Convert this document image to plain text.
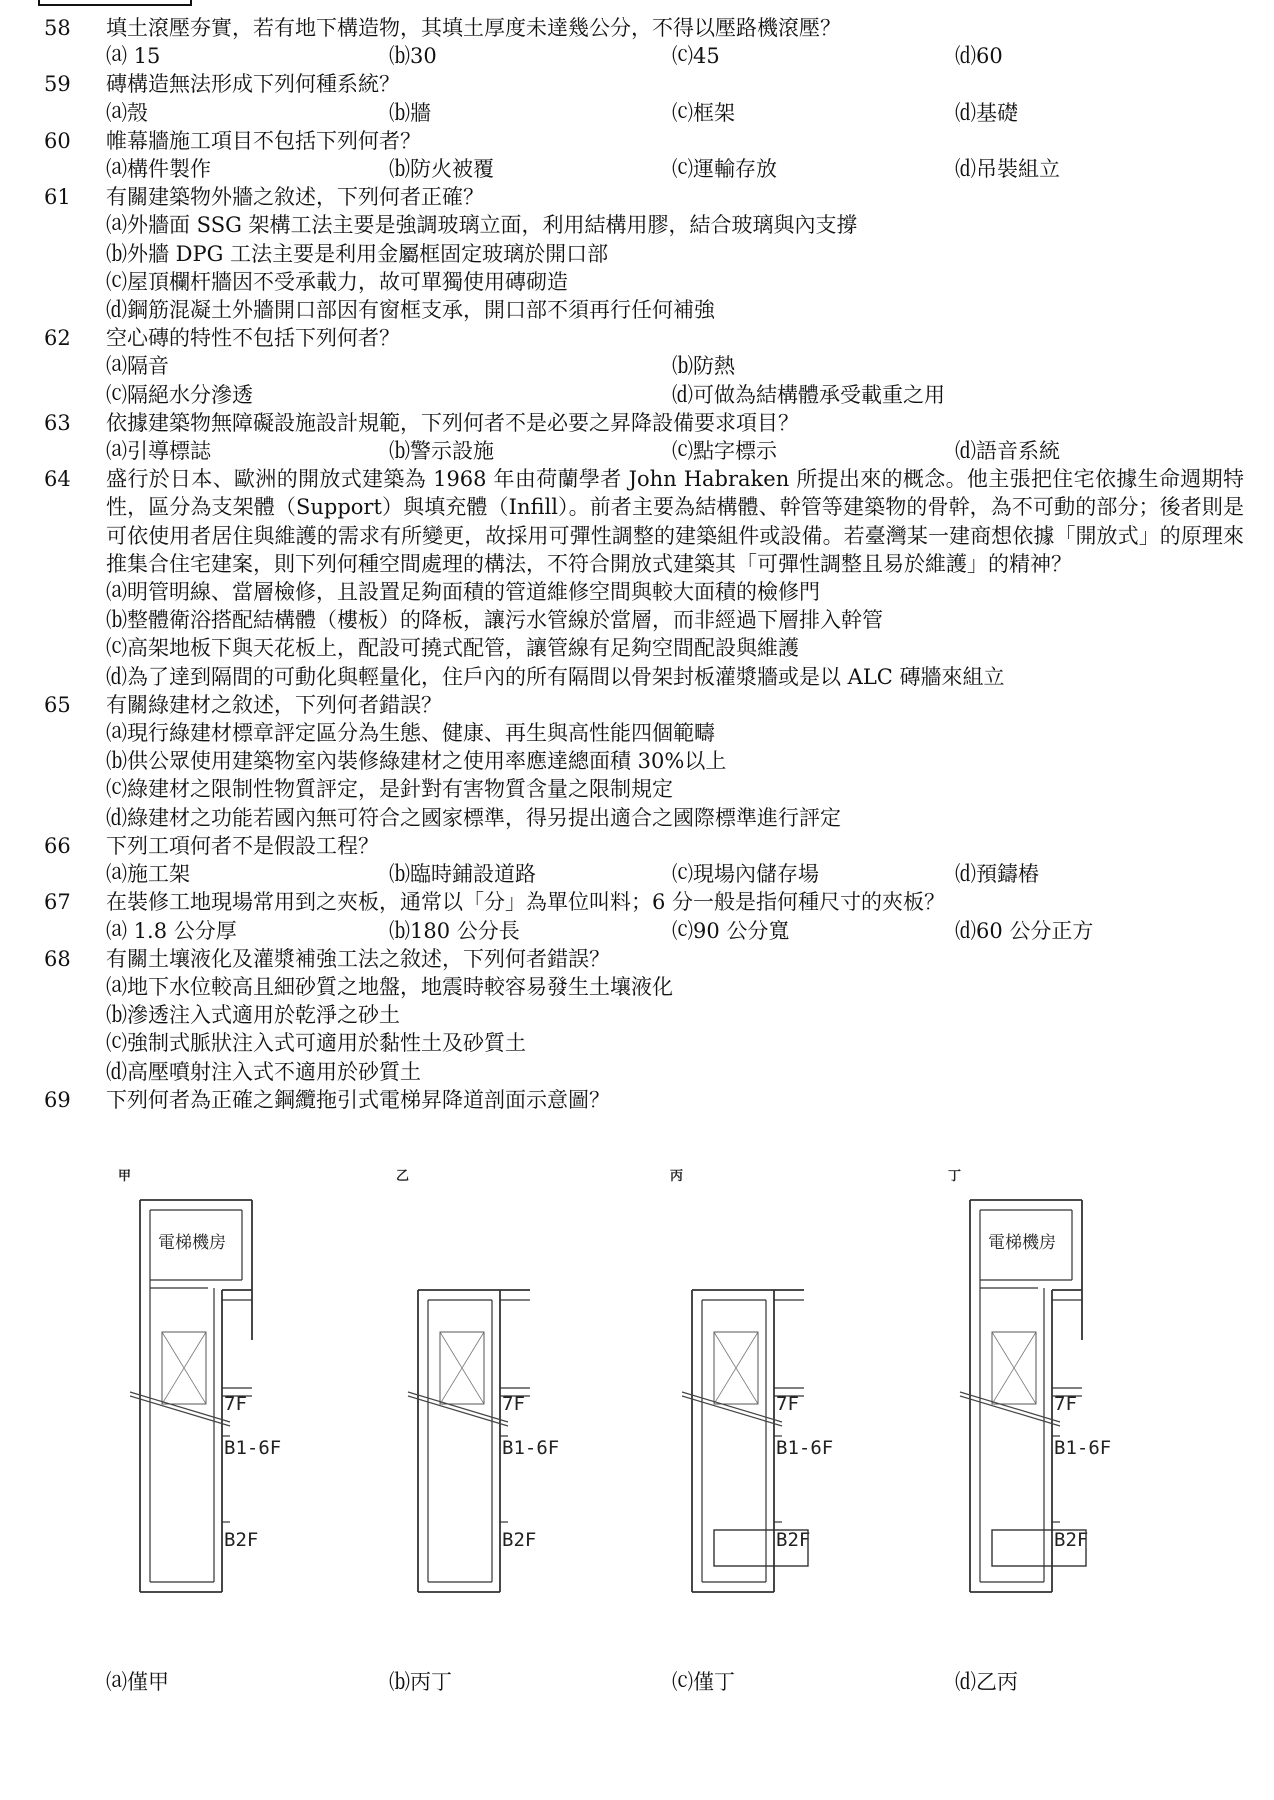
58	填土滾壓夯實，若有地下構造物，其填土厚度未達幾公分，不得以壓路機滾壓？
⒜ 15	⒝30	⒞45	⒟60
59	磚構造無法形成下列何種系統？
⒜殼	⒝牆	⒞框架	⒟基礎
60	帷幕牆施工項目不包括下列何者？
⒜構件製作	⒝防火被覆	⒞運輸存放	⒟吊裝組立
61	有關建築物外牆之敘述，下列何者正確？
⒜外牆面 SSG 架構工法主要是強調玻璃立面，利用結構用膠，結合玻璃與內支撐
⒝外牆 DPG 工法主要是利用金屬框固定玻璃於開口部
⒞屋頂欄杆牆因不受承載力，故可單獨使用磚砌造
⒟鋼筋混凝土外牆開口部因有窗框支承，開口部不須再行任何補強
62	空心磚的特性不包括下列何者？
⒜隔音	⒝防熱
⒞隔絕水分滲透	⒟可做為結構體承受載重之用
63	依據建築物無障礙設施設計規範，下列何者不是必要之昇降設備要求項目？
⒜引導標誌	⒝警示設施	⒞點字標示	⒟語音系統
64	盛行於日本、歐洲的開放式建築為 1968 年由荷蘭學者 John Habraken 所提出來的概念。他主張把住宅依據生命週期特性，區分為支架體（Support）與填充體（Infill）。前者主要為結構體、幹管等建築物的骨幹，為不可動的部分；後者則是可依使用者居住與維護的需求有所變更，故採用可彈性調整的建築組件或設備。若臺灣某一建商想依據「開放式」的原理來推集合住宅建案，則下列何種空間處理的構法，不符合開放式建築其「可彈性調整且易於維護」的精神？
⒜明管明線、當層檢修，且設置足夠面積的管道維修空間與較大面積的檢修門
⒝整體衛浴搭配結構體（樓板）的降板，讓污水管線於當層，而非經過下層排入幹管
⒞高架地板下與天花板上，配設可撓式配管，讓管線有足夠空間配設與維護
⒟為了達到隔間的可動化與輕量化，住戶內的所有隔間以骨架封板灌漿牆或是以 ALC 磚牆來組立
65	有關綠建材之敘述，下列何者錯誤？
⒜現行綠建材標章評定區分為生態、健康、再生與高性能四個範疇
⒝供公眾使用建築物室內裝修綠建材之使用率應達總面積 30%以上
⒞綠建材之限制性物質評定，是針對有害物質含量之限制規定
⒟綠建材之功能若國內無可符合之國家標準，得另提出適合之國際標準進行評定
66	下列工項何者不是假設工程？
⒜施工架	⒝臨時鋪設道路	⒞現場內儲存場	⒟預鑄樁
67	在裝修工地現場常用到之夾板，通常以「分」為單位叫料；6 分一般是指何種尺寸的夾板？
⒜ 1.8 公分厚	⒝180 公分長	⒞90 公分寬	⒟60 公分正方
68	有關土壤液化及灌漿補強工法之敘述，下列何者錯誤？
⒜地下水位較高且細砂質之地盤，地震時較容易發生土壤液化
⒝滲透注入式適用於乾淨之砂土
⒞強制式脈狀注入式可適用於黏性土及砂質土
⒟高壓噴射注入式不適用於砂質土
69	下列何者為正確之鋼纜拖引式電梯昇降道剖面示意圖？
甲
電梯機房
7F
B1-6F
B2F
乙
7F
B1-6F
B2F
丙
7F
B1-6F
B2F
丁
電梯機房
7F
B1-6F
B2F
⒜僅甲	⒝丙丁	⒞僅丁	⒟乙丙
